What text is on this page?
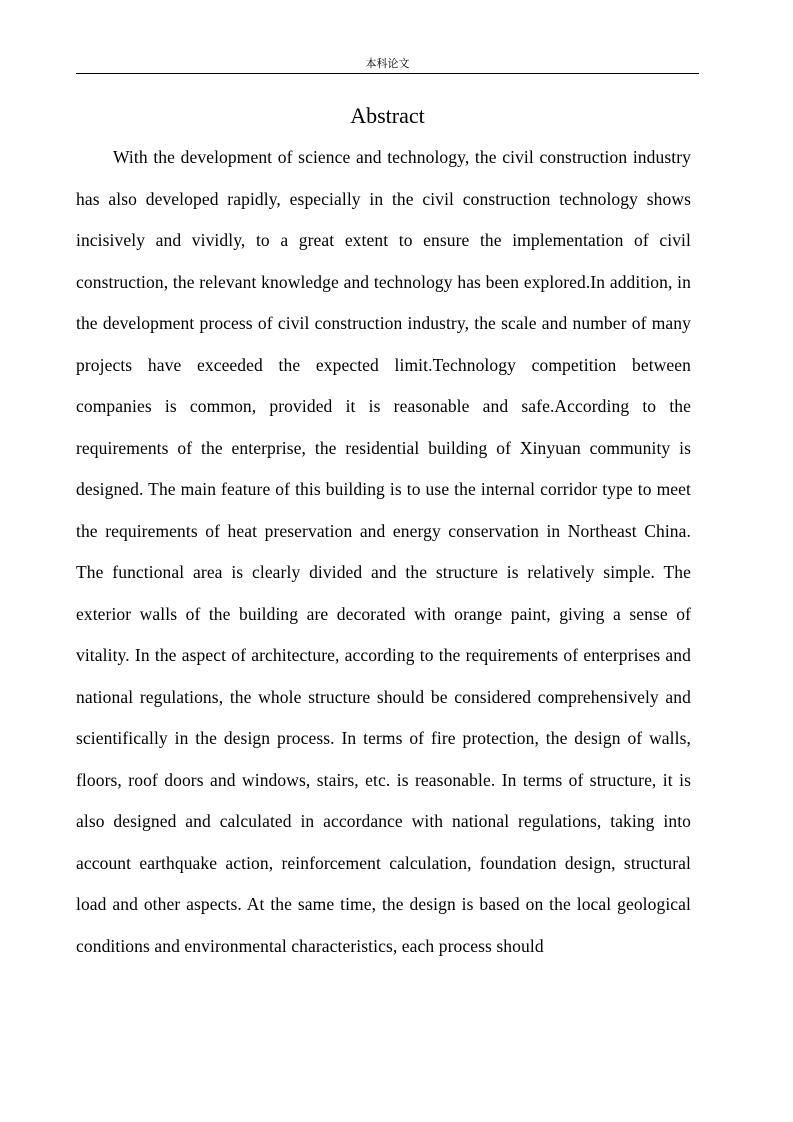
本科论文
Abstract

With the development of science and technology, the civil construction industry has also developed rapidly, especially in the civil construction technology shows incisively and vividly, to a great extent to ensure the implementation of civil construction, the relevant knowledge and technology has been explored.In addition, in the development process of civil construction industry, the scale and number of many projects have exceeded the expected limit.Technology competition between companies is common, provided it is reasonable and safe.According to the requirements of the enterprise, the residential building of Xinyuan community is designed. The main feature of this building is to use the internal corridor type to meet the requirements of heat preservation and energy conservation in Northeast China. The functional area is clearly divided and the structure is relatively simple. The exterior walls of the building are decorated with orange paint, giving a sense of vitality. In the aspect of architecture, according to the requirements of enterprises and national regulations, the whole structure should be considered comprehensively and scientifically in the design process. In terms of fire protection, the design of walls, floors, roof doors and windows, stairs, etc. is reasonable. In terms of structure, it is also designed and calculated in accordance with national regulations, taking into account earthquake action, reinforcement calculation, foundation design, structural load and other aspects. At the same time, the design is based on the local geological conditions and environmental characteristics, each process should
